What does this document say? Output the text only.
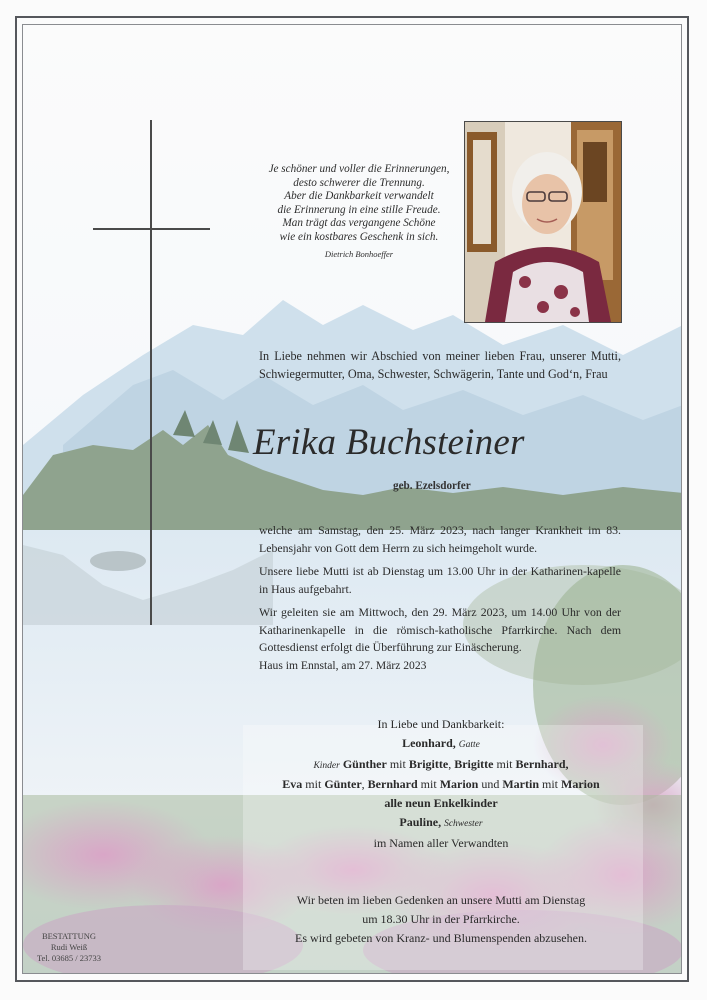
Je schöner und voller die Erinnerungen,
desto schwerer die Trennung.
Aber die Dankbarkeit verwandelt
die Erinnerung in eine stille Freude.
Man trägt das vergangene Schöne
wie ein kostbares Geschenk in sich.
Dietrich Bonhoeffer
In Liebe nehmen wir Abschied von meiner lieben Frau, unserer Mutti, Schwiegermutter, Oma, Schwester, Schwägerin, Tante und God‘n, Frau
Erika Buchsteiner
geb. Ezelsdorfer
welche am Samstag, den 25. März 2023, nach langer Krankheit im 83. Lebensjahr von Gott dem Herrn zu sich heimgeholt wurde.
Unsere liebe Mutti ist ab Dienstag um 13.00 Uhr in der Katharinen-kapelle in Haus aufgebahrt.
Wir geleiten sie am Mittwoch, den 29. März 2023, um 14.00 Uhr von der Katharinenkapelle in die römisch-katholische Pfarrkirche. Nach dem Gottesdienst erfolgt die Überführung zur Einäscherung.
Haus im Ennstal, am 27. März 2023
In Liebe und Dankbarkeit:
Leonhard, Gatte
Kinder Günther mit Brigitte, Brigitte mit Bernhard,
Eva mit Günter, Bernhard mit Marion und Martin mit Marion
alle neun Enkelkinder
Pauline, Schwester
im Namen aller Verwandten
Wir beten im lieben Gedenken an unsere Mutti am Dienstag
um 18.30 Uhr in der Pfarrkirche.
Es wird gebeten von Kranz- und Blumenspenden abzusehen.
BESTATTUNG
Rudi Weiß
Tel. 03685 / 23733
